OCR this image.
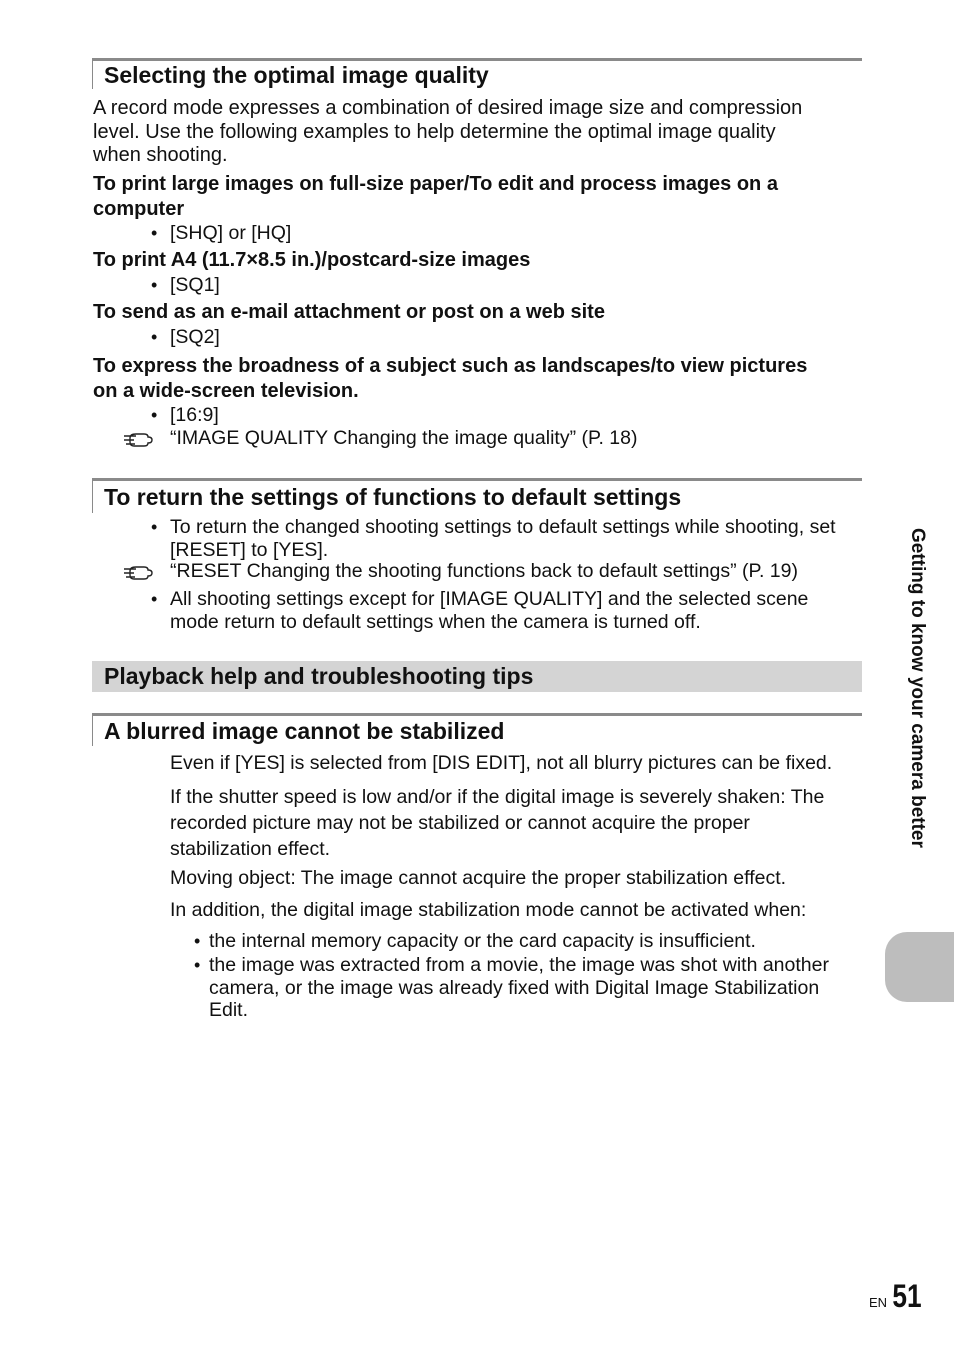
Selecting the optimal image quality
A record mode expresses a combination of desired image size and compression
level. Use the following examples to help determine the optimal image quality
when shooting.
To print large images on full-size paper/To edit and process images on a
computer
• [SHQ] or [HQ]
To print A4 (11.7×8.5 in.)/postcard-size images
• [SQ1]
To send as an e-mail attachment or post on a web site
• [SQ2]
To express the broadness of a subject such as landscapes/to view pictures
on a wide-screen television.
• [16:9]
“IMAGE QUALITY Changing the image quality” (P. 18)
To return the settings of functions to default settings
• To return the changed shooting settings to default settings while shooting, set
[RESET] to [YES].
“RESET Changing the shooting functions back to default settings” (P. 19)
• All shooting settings except for [IMAGE QUALITY] and the selected scene
mode return to default settings when the camera is turned off.
Playback help and troubleshooting tips
A blurred image cannot be stabilized
Even if [YES] is selected from [DIS EDIT], not all blurry pictures can be fixed.
If the shutter speed is low and/or if the digital image is severely shaken: The
recorded picture may not be stabilized or cannot acquire the proper
stabilization effect.
Moving object: The image cannot acquire the proper stabilization effect.
In addition, the digital image stabilization mode cannot be activated when:
• the internal memory capacity or the card capacity is insufficient.
• the image was extracted from a movie, the image was shot with another
camera, or the image was already fixed with Digital Image Stabilization
Edit.
Getting to know your camera better
EN 51
